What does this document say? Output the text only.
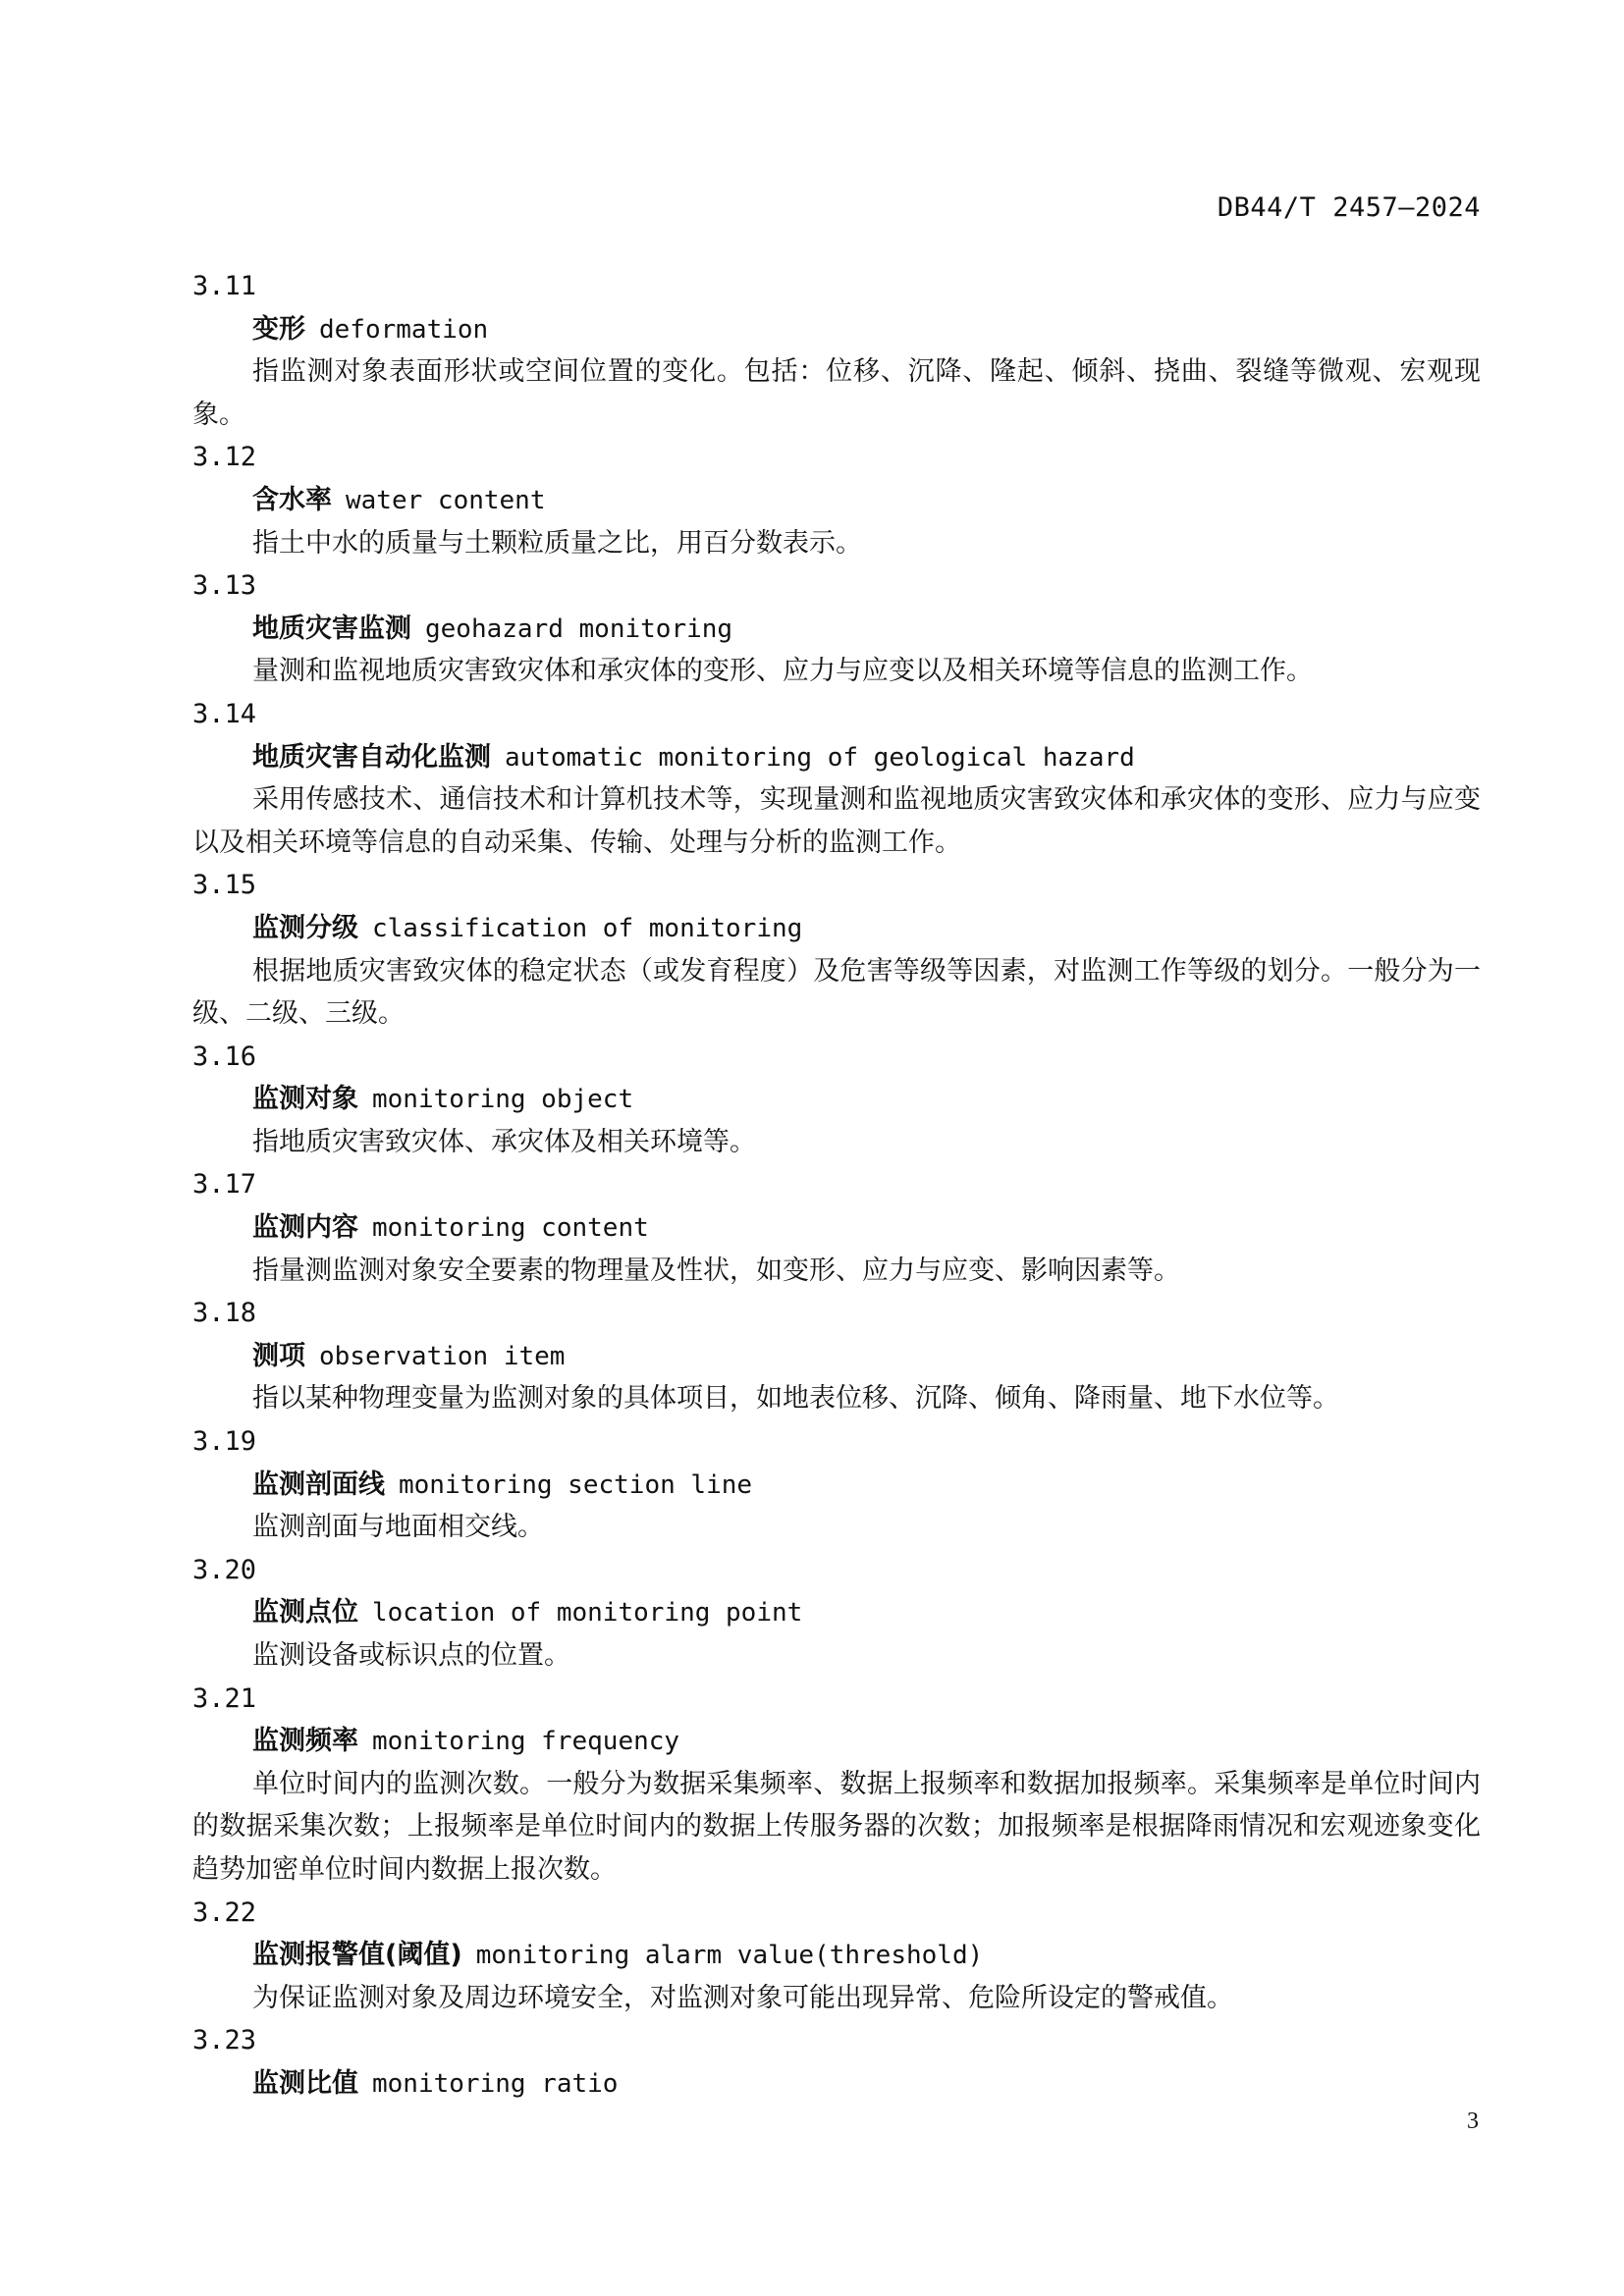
DB44/T 2457—2024
3.11
变形 deformation
指监测对象表面形状或空间位置的变化。包括：位移、沉降、隆起、倾斜、挠曲、裂缝等微观、宏观现象。
3.12
含水率 water content
指土中水的质量与土颗粒质量之比，用百分数表示。
3.13
地质灾害监测 geohazard monitoring
量测和监视地质灾害致灾体和承灾体的变形、应力与应变以及相关环境等信息的监测工作。
3.14
地质灾害自动化监测 automatic monitoring of geological hazard
采用传感技术、通信技术和计算机技术等，实现量测和监视地质灾害致灾体和承灾体的变形、应力与应变以及相关环境等信息的自动采集、传输、处理与分析的监测工作。
3.15
监测分级 classification of monitoring
根据地质灾害致灾体的稳定状态（或发育程度）及危害等级等因素，对监测工作等级的划分。一般分为一级、二级、三级。
3.16
监测对象 monitoring object
指地质灾害致灾体、承灾体及相关环境等。
3.17
监测内容 monitoring content
指量测监测对象安全要素的物理量及性状，如变形、应力与应变、影响因素等。
3.18
测项 observation item
指以某种物理变量为监测对象的具体项目，如地表位移、沉降、倾角、降雨量、地下水位等。
3.19
监测剖面线 monitoring section line
监测剖面与地面相交线。
3.20
监测点位 location of monitoring point
监测设备或标识点的位置。
3.21
监测频率 monitoring frequency
单位时间内的监测次数。一般分为数据采集频率、数据上报频率和数据加报频率。采集频率是单位时间内的数据采集次数；上报频率是单位时间内的数据上传服务器的次数；加报频率是根据降雨情况和宏观迹象变化趋势加密单位时间内数据上报次数。
3.22
监测报警值(阈值) monitoring alarm value(threshold)
为保证监测对象及周边环境安全，对监测对象可能出现异常、危险所设定的警戒值。
3.23
监测比值 monitoring ratio
3
